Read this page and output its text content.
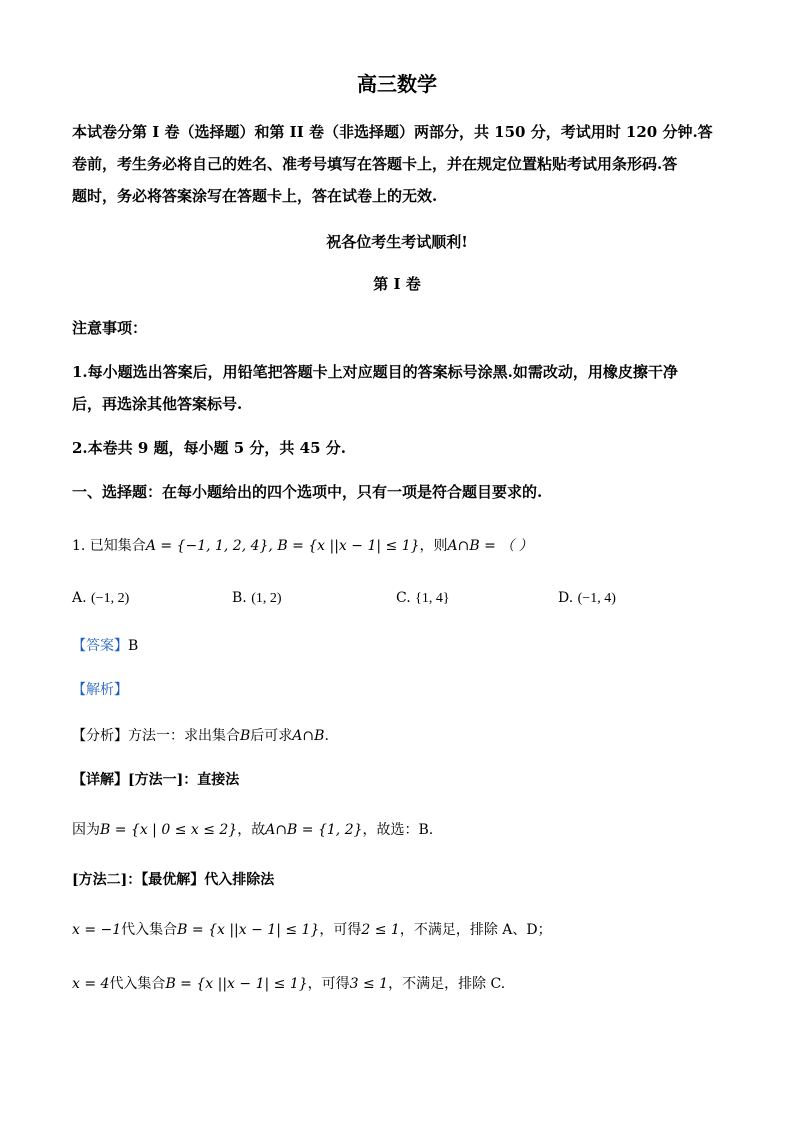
高三数学
本试卷分第 I 卷（选择题）和第 II 卷（非选择题）两部分，共 150 分，考试用时 120 分钟.答
卷前，考生务必将自己的姓名、准考号填写在答题卡上，并在规定位置粘贴考试用条形码.答
题时，务必将答案涂写在答题卡上，答在试卷上的无效.
祝各位考生考试顺利!
第 I 卷
注意事项：
1.每小题选出答案后，用铅笔把答题卡上对应题目的答案标号涂黑.如需改动，用橡皮擦干净
后，再选涂其他答案标号.
2.本卷共 9 题，每小题 5 分，共 45 分.
一、选择题：在每小题给出的四个选项中，只有一项是符合题目要求的.
1. 已知集合A = {−1, 1, 2, 4}, B = {x ||x − 1| ≤ 1}，则A∩B = （ ）
A. (−1, 2)	B. (1, 2)	C. {1, 4}	D. (−1, 4)
【答案】B
【解析】
【分析】方法一：求出集合B后可求A∩B.
【详解】[方法一]：直接法
因为B = {x | 0 ≤ x ≤ 2}，故A∩B = {1, 2}，故选：B.
[方法二]：【最优解】代入排除法
x = −1代入集合B = {x ||x − 1| ≤ 1}，可得2 ≤ 1，不满足，排除 A、D；
x = 4代入集合B = {x ||x − 1| ≤ 1}，可得3 ≤ 1，不满足，排除 C.
